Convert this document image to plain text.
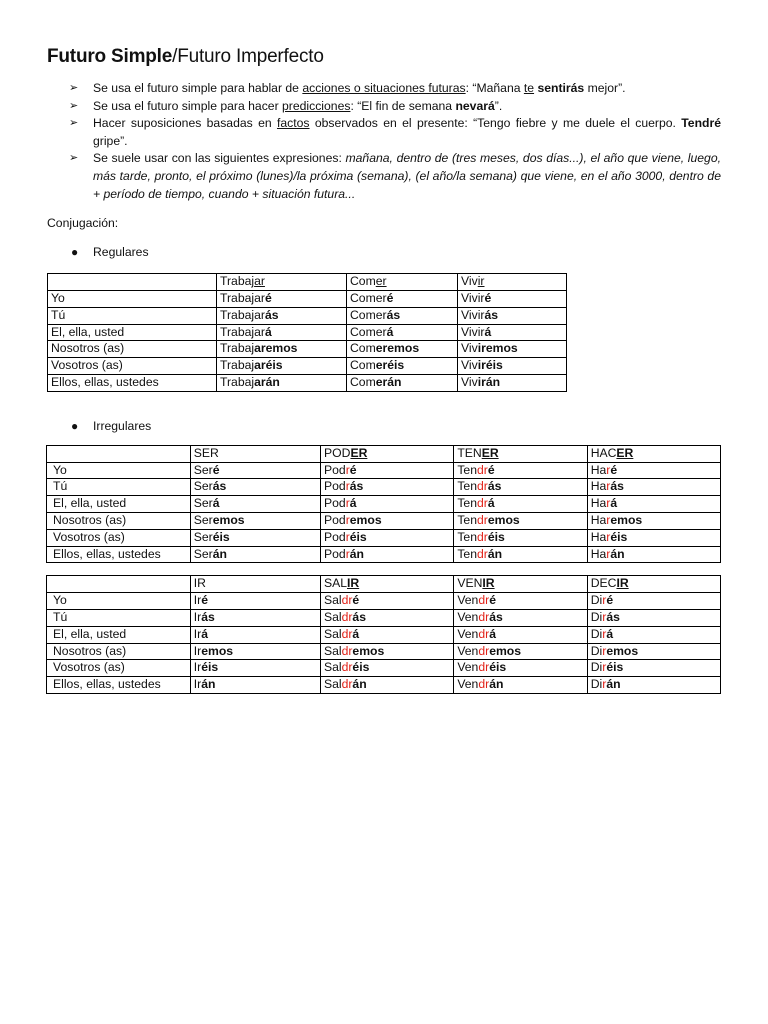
Futuro Simple/Futuro Imperfecto
➢ Se usa el futuro simple para hablar de acciones o situaciones futuras: “Mañana te sentirás mejor”.
➢ Se usa el futuro simple para hacer predicciones: “El fin de semana nevará”.
➢ Hacer suposiciones basadas en factos observados en el presente: “Tengo fiebre y me duele el cuerpo. Tendré gripe”.
➢ Se suele usar con las siguientes expresiones: mañana, dentro de (tres meses, dos días...), el año que viene, luego, más tarde, pronto, el próximo (lunes)/la próxima (semana), (el año/la semana) que viene, en el año 3000, dentro de + período de tiempo, cuando + situación futura...
Conjugación:
● Regulares
	Trabajar	Comer	Vivir
Yo	Trabajaré	Comeré	Viviré
Tú	Trabajarás	Comerás	Vivirás
El, ella, usted	Trabajará	Comerá	Vivirá
Nosotros (as)	Trabajaremos	Comeremos	Viviremos
Vosotros (as)	Trabajaréis	Comeréis	Viviréis
Ellos, ellas, ustedes	Trabajarán	Comerán	Vivirán
● Irregulares
	SER	PODER	TENER	HACER
Yo	Seré	Podré	Tendré	Haré
Tú	Serás	Podrás	Tendrás	Harás
El, ella, usted	Será	Podrá	Tendrá	Hará
Nosotros (as)	Seremos	Podremos	Tendremos	Haremos
Vosotros (as)	Seréis	Podréis	Tendréis	Haréis
Ellos, ellas, ustedes	Serán	Podrán	Tendrán	Harán
	IR	SALIR	VENIR	DECIR
Yo	Iré	Saldré	Vendré	Diré
Tú	Irás	Saldrás	Vendrás	Dirás
El, ella, usted	Irá	Saldrá	Vendrá	Dirá
Nosotros (as)	Iremos	Saldremos	Vendremos	Diremos
Vosotros (as)	Iréis	Saldréis	Vendréis	Diréis
Ellos, ellas, ustedes	Irán	Saldrán	Vendrán	Dirán
